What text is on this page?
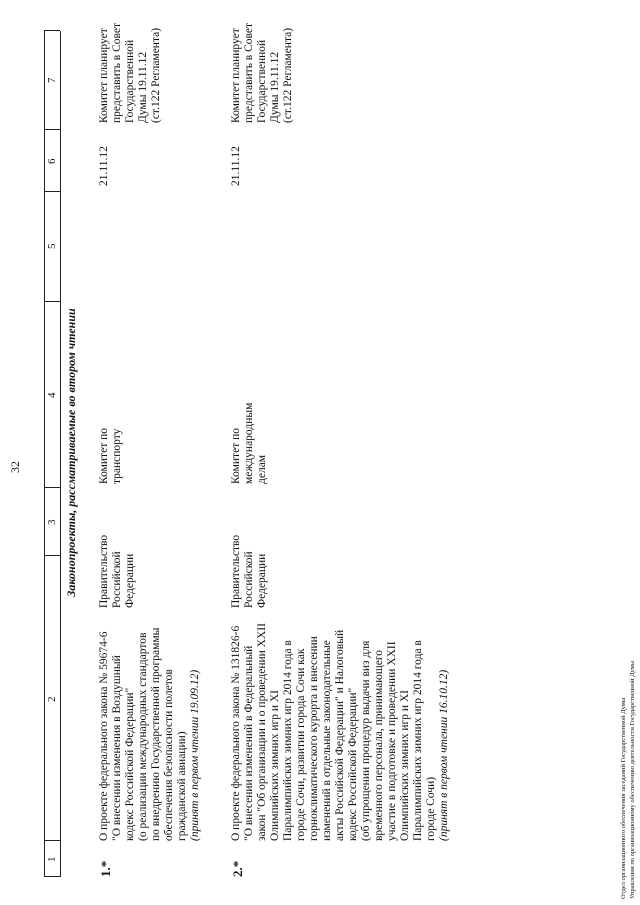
32
1
2
3
4
5
6
7
Законопроекты, рассматриваемые во втором чтении
1.*
О проекте федерального закона № 59674-6 "О внесении изменения в Воздушный кодекс Российской Федерации" (о реализации международных стандартов по внедрению Государственной программы обеспечения безопасности полетов гражданской авиации) (принят в первом чтении 19.09.12)
Правительство Российской Федерации
Комитет по транспорту
21.11.12
Комитет планирует представить в Совет Государственной Думы 19.11.12 (ст.122 Регламента)
2.*
О проекте федерального закона № 131826-6 "О внесении изменений в Федеральный закон "Об организации и о проведении XXII Олимпийских зимних игр и XI Паралимпийских зимних игр 2014 года в городе Сочи, развитии города Сочи как горноклиматического курорта и внесении изменений в отдельные законодательные акты Российской Федерации" и Налоговый кодекс Российской Федерации" (об упрощении процедур выдачи виз для временного персонала, принимающего участие в подготовке и проведении XXII Олимпийских зимних игр и XI Паралимпийских зимних игр 2014 года в городе Сочи) (принят в первом чтении 16.10.12)
Правительство Российской Федерации
Комитет по международным делам
21.11.12
Комитет планирует представить в Совет Государственной Думы 19.11.12 (ст.122 Регламента)
Отдел организационного обеспечения заседаний Государственной Думы Управления по организационному обеспечению деятельности Государственной Думы
